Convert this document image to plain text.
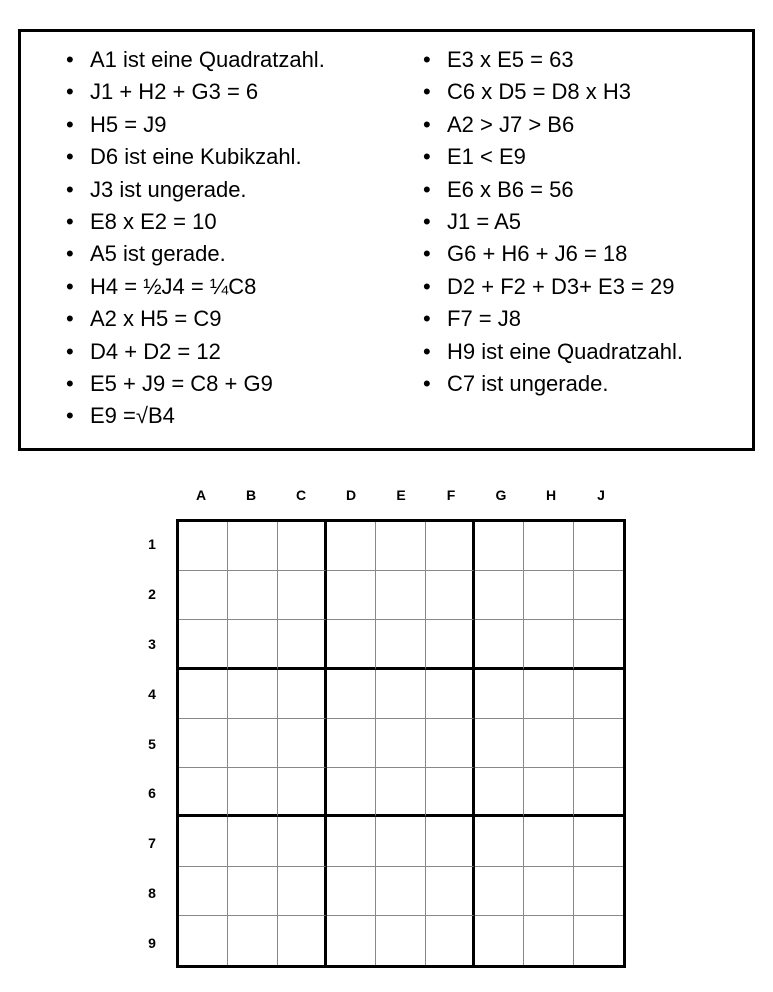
• A1 ist eine Quadratzahl.
• J1 + H2 + G3 = 6
• H5 = J9
• D6 ist eine Kubikzahl.
• J3 ist ungerade.
• E8 x E2 = 10
• A5 ist gerade.
• H4 = ½J4 = ¼C8
• A2 x H5 = C9
• D4 + D2 = 12
• E5 + J9 = C8 + G9
• E9 =√B4
• E3 x E5 = 63
• C6 x D5 = D8 x H3
• A2 > J7 > B6
• E1 < E9
• E6 x B6 = 56
• J1 = A5
• G6 + H6 + J6 = 18
• D2 + F2 + D3+ E3 = 29
• F7 = J8
• H9 ist eine Quadratzahl.
• C7 ist ungerade.
A	B	C	D	E	F	G	H	J
1
2
3
4
5
6
7
8
9
